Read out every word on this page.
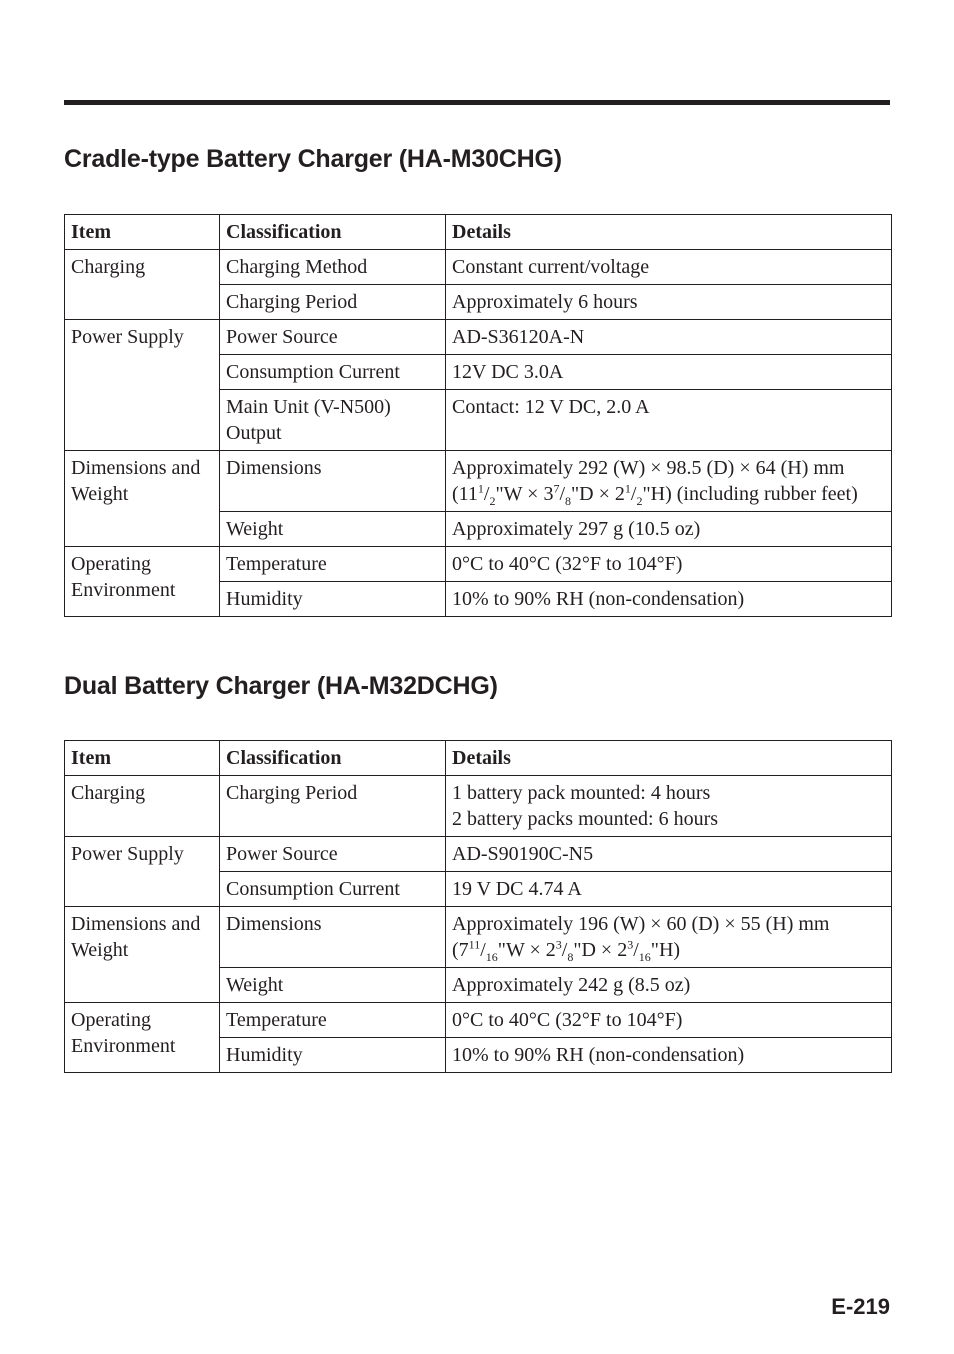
Cradle-type Battery Charger (HA-M30CHG)
Item	Classification	Details
Charging	Charging Method	Constant current/voltage
	Charging Period	Approximately 6 hours
Power Supply	Power Source	AD-S36120A-N
	Consumption Current	12V DC 3.0A
	Main Unit (V-N500) Output	Contact: 12 V DC, 2.0 A
Dimensions and Weight	Dimensions	Approximately 292 (W) × 98.5 (D) × 64 (H) mm
($11^1/_2"W$ × $3^7/_8"D$ × $2^1/_2"H$) (including rubber feet)
	Weight	Approximately 297 g (10.5 oz)
Operating Environment	Temperature	0°C to 40°C (32°F to 104°F)
	Humidity	10% to 90% RH (non-condensation)
Dual Battery Charger (HA-M32DCHG)
Item	Classification	Details
Charging	Charging Period	1 battery pack mounted: 4 hours
2 battery packs mounted: 6 hours

Power Supply	Power Source	AD-S90190C-N5
	Consumption Current	19 V DC 4.74 A
Dimensions and Weight	Dimensions	Approximately 196 (W) × 60 (D) × 55 (H) mm
($7^{11}/_{16}"W$ × $2^3/_8"D$ × $2^3/_{16}"H$)
	Weight	Approximately 242 g (8.5 oz)
Operating Environment	Temperature	0°C to 40°C (32°F to 104°F)
	Humidity	10% to 90% RH (non-condensation)
E-219
